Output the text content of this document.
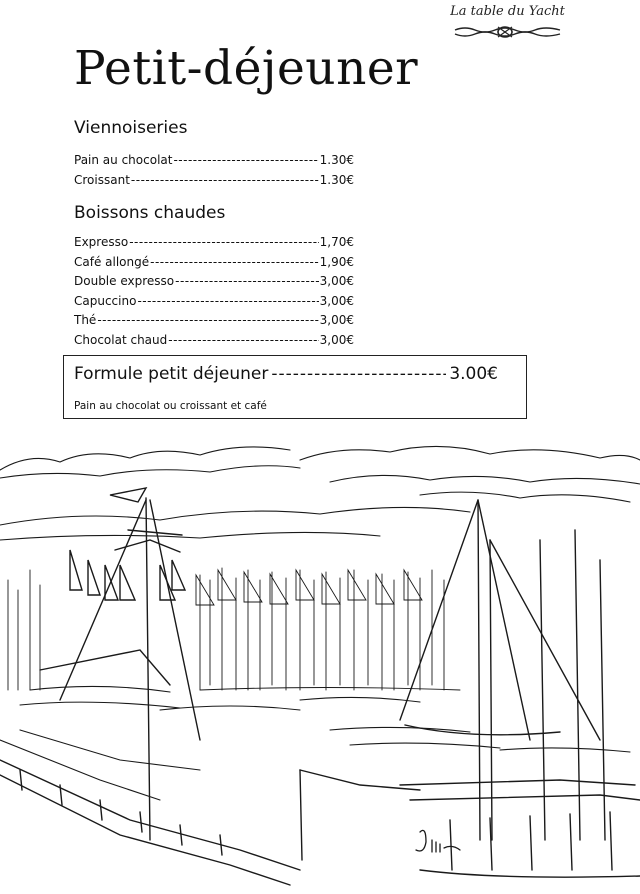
La table du Yacht
Petit-déjeuner
Viennoiseries
Pain au chocolat -----	1.30€
Croissant -----	1.30€
Boissons chaudes
Expresso -----	1,70€
Café allongé -----	1,90€
Double expresso -----	3,00€
Capuccino -----	3,00€
Thé -----	3,00€
Chocolat chaud -----	3,00€
Formule petit déjeuner -----	3.00€
Pain au chocolat ou croissant et café
